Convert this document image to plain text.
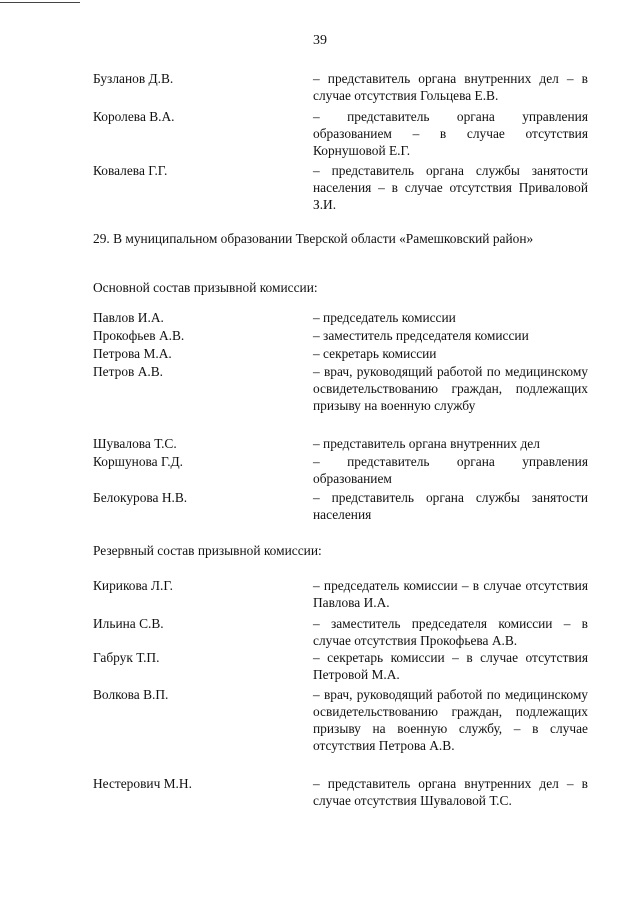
39
Бузланов Д.В.	– представитель органа внутренних дел – в случае отсутствия Гольцева Е.В.
Королева В.А.	– представитель органа управления образованием – в случае отсутствия Корнушовой Е.Г.
Ковалева Г.Г.	– представитель органа службы занятости населения – в случае отсутствия Приваловой З.И.
29. В муниципальном образовании Тверской области «Рамешковский район»
Основной состав призывной комиссии:
Павлов И.А.	– председатель комиссии
Прокофьев А.В.	– заместитель председателя комиссии
Петрова М.А.	– секретарь комиссии
Петров А.В.	– врач, руководящий работой по медицинскому освидетельствованию граждан, подлежащих призыву на военную службу
Шувалова Т.С.	– представитель органа внутренних дел
Коршунова Г.Д.	– представитель органа управления образованием
Белокурова Н.В.	– представитель органа службы занятости населения
Резервный состав призывной комиссии:
Кирикова Л.Г.	– председатель комиссии – в случае отсутствия Павлова И.А.
Ильина С.В.	– заместитель председателя комиссии – в случае отсутствия Прокофьева А.В.
Габрук Т.П.	– секретарь комиссии – в случае отсутствия Петровой М.А.
Волкова В.П.	– врач, руководящий работой по медицинскому освидетельствованию граждан, подлежащих призыву на военную службу, – в случае отсутствия Петрова А.В.
Нестерович М.Н.	– представитель органа внутренних дел – в случае отсутствия Шуваловой Т.С.
